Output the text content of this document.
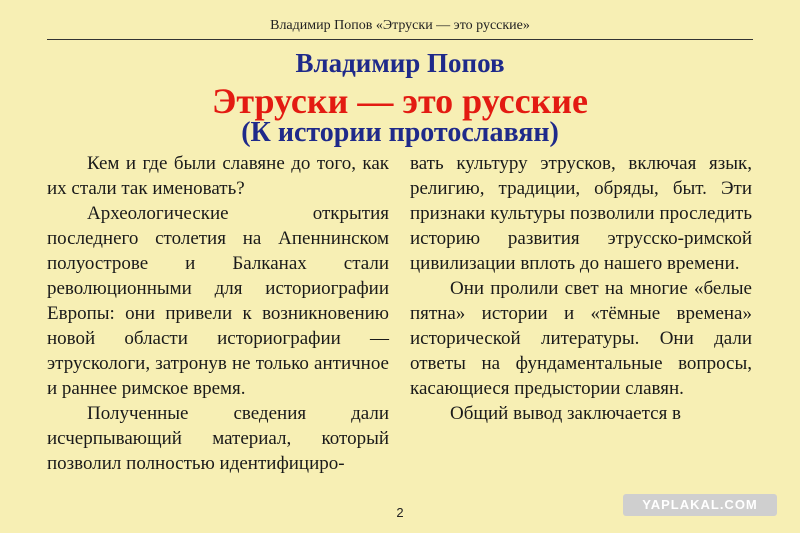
Владимир Попов «Этруски — это русские»
Владимир Попов
Этруски — это русские
(К истории протославян)

Кем и где были славяне до того, как их стали так именовать?

Археологические открытия последнего столетия на Апеннинском полуострове и Балканах стали революционными для историографии Европы: они привели к возникновению новой области историографии — этрускологи, затронув не только античное и раннее римское время.

Полученные сведения дали исчерпывающий материал, который позволил полностью идентифициро-

вать культуру этрусков, включая язык, религию, традиции, обряды, быт. Эти признаки культуры позволили проследить историю развития этрусско-римской цивилизации вплоть до нашего времени.

Они пролили свет на многие «белые пятна» истории и «тёмные времена» исторической литературы. Они дали ответы на фундаментальные вопросы, касающиеся предыстории славян.

Общий вывод заключается в

2
YAPLAKAL.COM
